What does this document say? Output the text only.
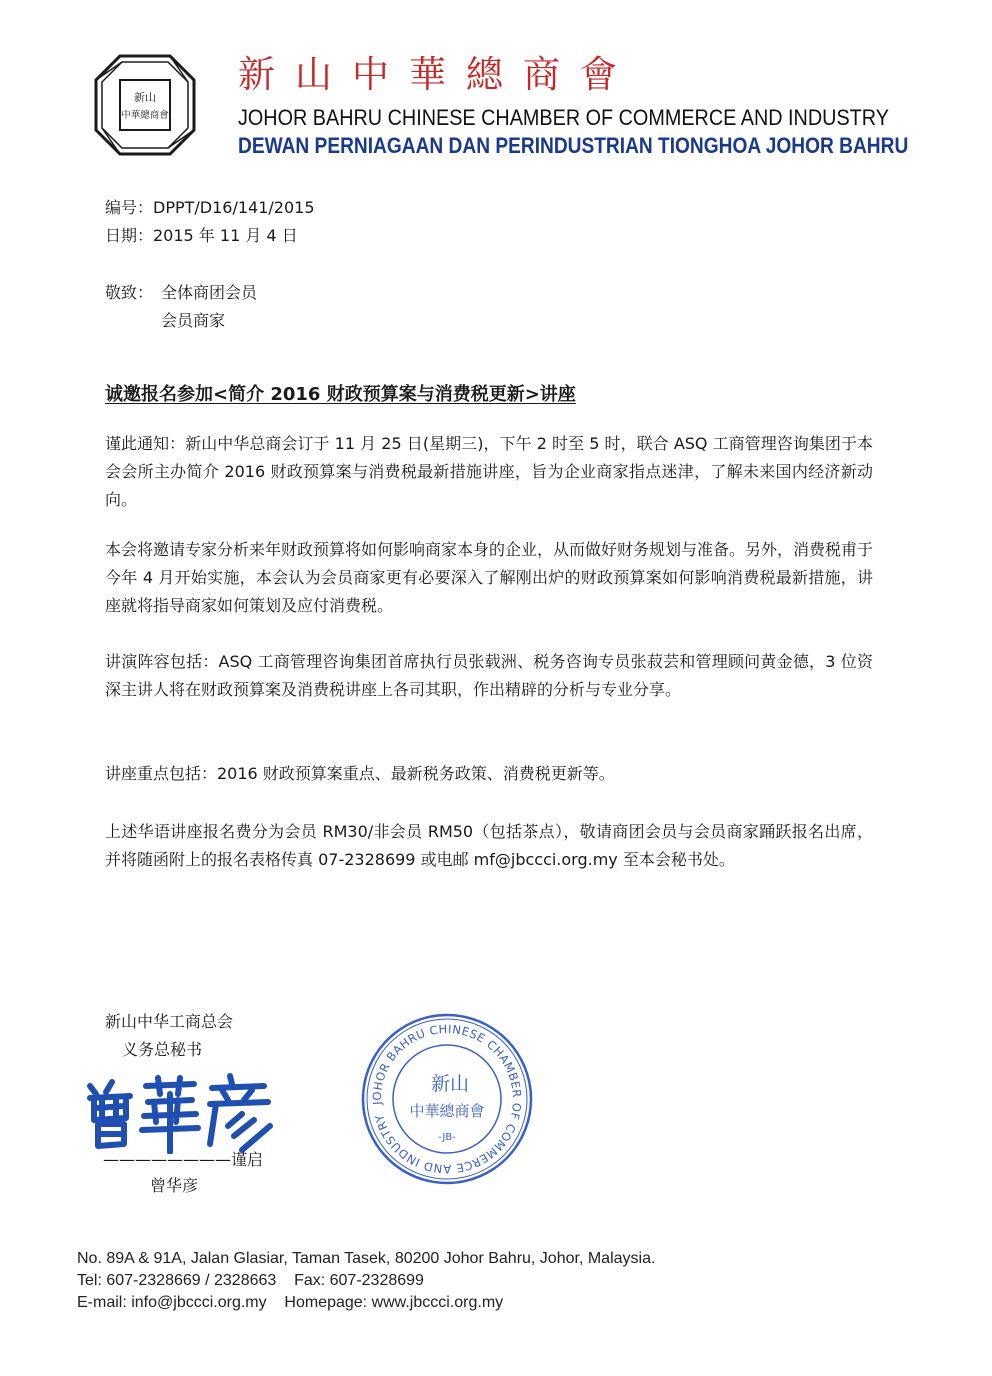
新山
中華總商會
新山中華總商會
JOHOR BAHRU CHINESE CHAMBER OF COMMERCE AND INDUSTRY
DEWAN PERNIAGAAN DAN PERINDUSTRIAN TIONGHOA JOHOR BAHRU
编号：DPPT/D16/141/2015
日期：2015 年 11 月 4 日
敬致： 全体商团会员
会员商家
诚邀报名参加<简介 2016 财政预算案与消费税更新>讲座

谨此通知：新山中华总商会订于 11 月 25 日(星期三)，下午 2 时至 5 时，联合 ASQ 工商管理咨询集团于本会会所主办简介 2016 财政预算案与消费税最新措施讲座，旨为企业商家指点迷津，了解未来国内经济新动向。

本会将邀请专家分析来年财政预算将如何影响商家本身的企业，从而做好财务规划与准备。另外，消费税甫于今年 4 月开始实施，本会认为会员商家更有必要深入了解刚出炉的财政预算案如何影响消费税最新措施，讲座就将指导商家如何策划及应付消费税。

讲演阵容包括：ASQ 工商管理咨询集团首席执行员张载洲、税务咨询专员张菽芸和管理顾问黄金德，3 位资深主讲人将在财政预算案及消费税讲座上各司其职，作出精辟的分析与专业分享。

讲座重点包括：2016 财政预算案重点、最新税务政策、消费税更新等。

上述华语讲座报名费分为会员 RM30/非会员 RM50（包括茶点），敬请商团会员与会员商家踊跃报名出席，并将随函附上的报名表格传真 07-2328699 或电邮 mf@jbccci.org.my 至本会秘书处。

新山中华工商总会
义务总秘书
————————谨启
曾华彦
JOHOR BAHRU CHINESE CHAMBER OF COMMERCE AND INDUSTRY
新山
中華總商會
-JB-
No. 89A & 91A, Jalan Glasiar, Taman Tasek, 80200 Johor Bahru, Johor, Malaysia.
Tel: 607-2328669 / 2328663    Fax: 607-2328699
E-mail: info@jbccci.org.my    Homepage: www.jbccci.org.my
